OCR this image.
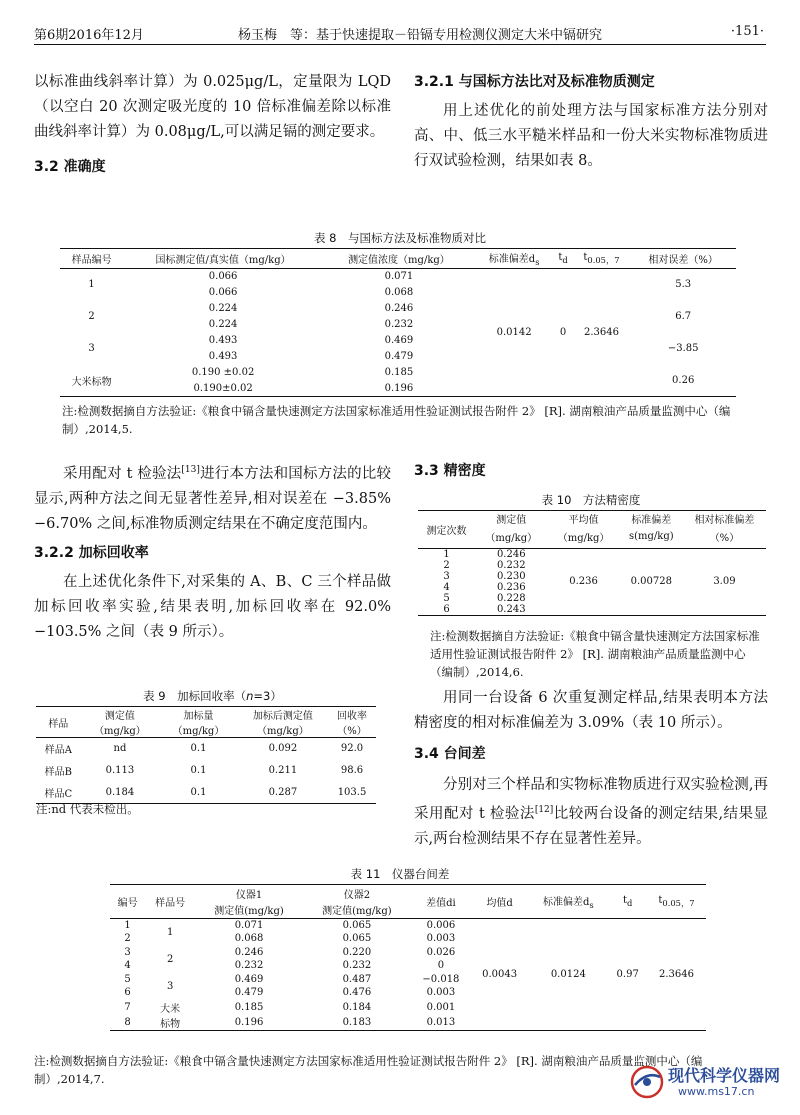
第6期2016年12月	杨玉梅　等：基于快速提取－铅镉专用检测仪测定大米中镉研究	·151·

以标准曲线斜率计算）为 0.025μg/L，定量限为 LQD（以空白 20 次测定吸光度的 10 倍标准偏差除以标准曲线斜率计算）为 0.08μg/L,可以满足镉的测定要求。

3.2 准确度

3.2.1 与国标方法比对及标准物质测定

用上述优化的前处理方法与国家标准方法分别对高、中、低三水平糙米样品和一份大米实物标准物质进行双试验检测，结果如表 8。

表 8　与国标方法及标准物质对比
样品编号	国标测定值/真实值（mg/kg）	测定值浓度（mg/kg）	标准偏差$d_s$	$t_d$	$t_{0.05,7}$	相对误差（%）
1	0.066	0.071	0.0142	0	2.3646	5.3
	0.066	0.068				
2	0.224	0.246				6.7
	0.224	0.232				
3	0.493	0.469				−3.85
	0.493	0.479				
大米标物	0.190 ±0.02	0.185				0.26
	0.190±0.02	0.196				
注:检测数据摘自方法验证:《粮食中镉含量快速测定方法国家标准适用性验证测试报告附件 2》 [R]. 湖南粮油产品质量监测中心（编制）,2014,5.

采用配对 t 检验法[13]进行本方法和国标方法的比较显示,两种方法之间无显著性差异,相对误差在 −3.85%−6.70% 之间,标准物质测定结果在不确定度范围内。

3.2.2 加标回收率

在上述优化条件下,对采集的 A、B、C 三个样品做加标回收率实验,结果表明,加标回收率在 92.0%−103.5% 之间（表 9 所示）。

表 9　加标回收率（n=3）
样品	测定值	加标量	加标后测定值	回收率
	（mg/kg）	（mg/kg）	（mg/kg）	（%）
样品A	nd	0.1	0.092	92.0
样品B	0.113	0.1	0.211	98.6
样品C	0.184	0.1	0.287	103.5
注:nd 代表未检出。
3.3 精密度
表 10　方法精密度
测定次数	测定值	平均值	标准偏差	相对标准偏差
	（mg/kg）	（mg/kg）	s(mg/kg)	（%）
1	0.246	0.236	0.00728	3.09
2	0.232			
3	0.230			
4	0.236			
5	0.228			
6	0.243			
注:检测数据摘自方法验证:《粮食中镉含量快速测定方法国家标准适用性验证测试报告附件 2》 [R]. 湖南粮油产品质量监测中心（编制）,2014,6.

用同一台设备 6 次重复测定样品,结果表明本方法精密度的相对标准偏差为 3.09%（表 10 所示）。

3.4 台间差

分别对三个样品和实物标准物质进行双实验检测,再采用配对 t 检验法[12]比较两台设备的测定结果,结果显示,两台检测结果不存在显著性差异。

表 11　仪器台间差
编号	样品号	仪器1	仪器2	差值di	均值d	标准偏差$d_s$	$t_d$	$t_{0.05,7}$
		测定值(mg/kg)	测定值(mg/kg)					
1	1	0.071	0.065	0.006	0.0043	0.0124	0.97	2.3646
2		0.068	0.065	0.003				
3	2	0.246	0.220	0.026				
4		0.232	0.232	0				
5	3	0.469	0.487	−0.018				
6		0.479	0.476	0.003				
7	大米	0.185	0.184	0.001				
8	标物	0.196	0.183	0.013				
注:检测数据摘自方法验证:《粮食中镉含量快速测定方法国家标准适用性验证测试报告附件 2》 [R]. 湖南粮油产品质量监测中心（编制）,2014,7.	现代科学仪器网
www.ms17.cn
